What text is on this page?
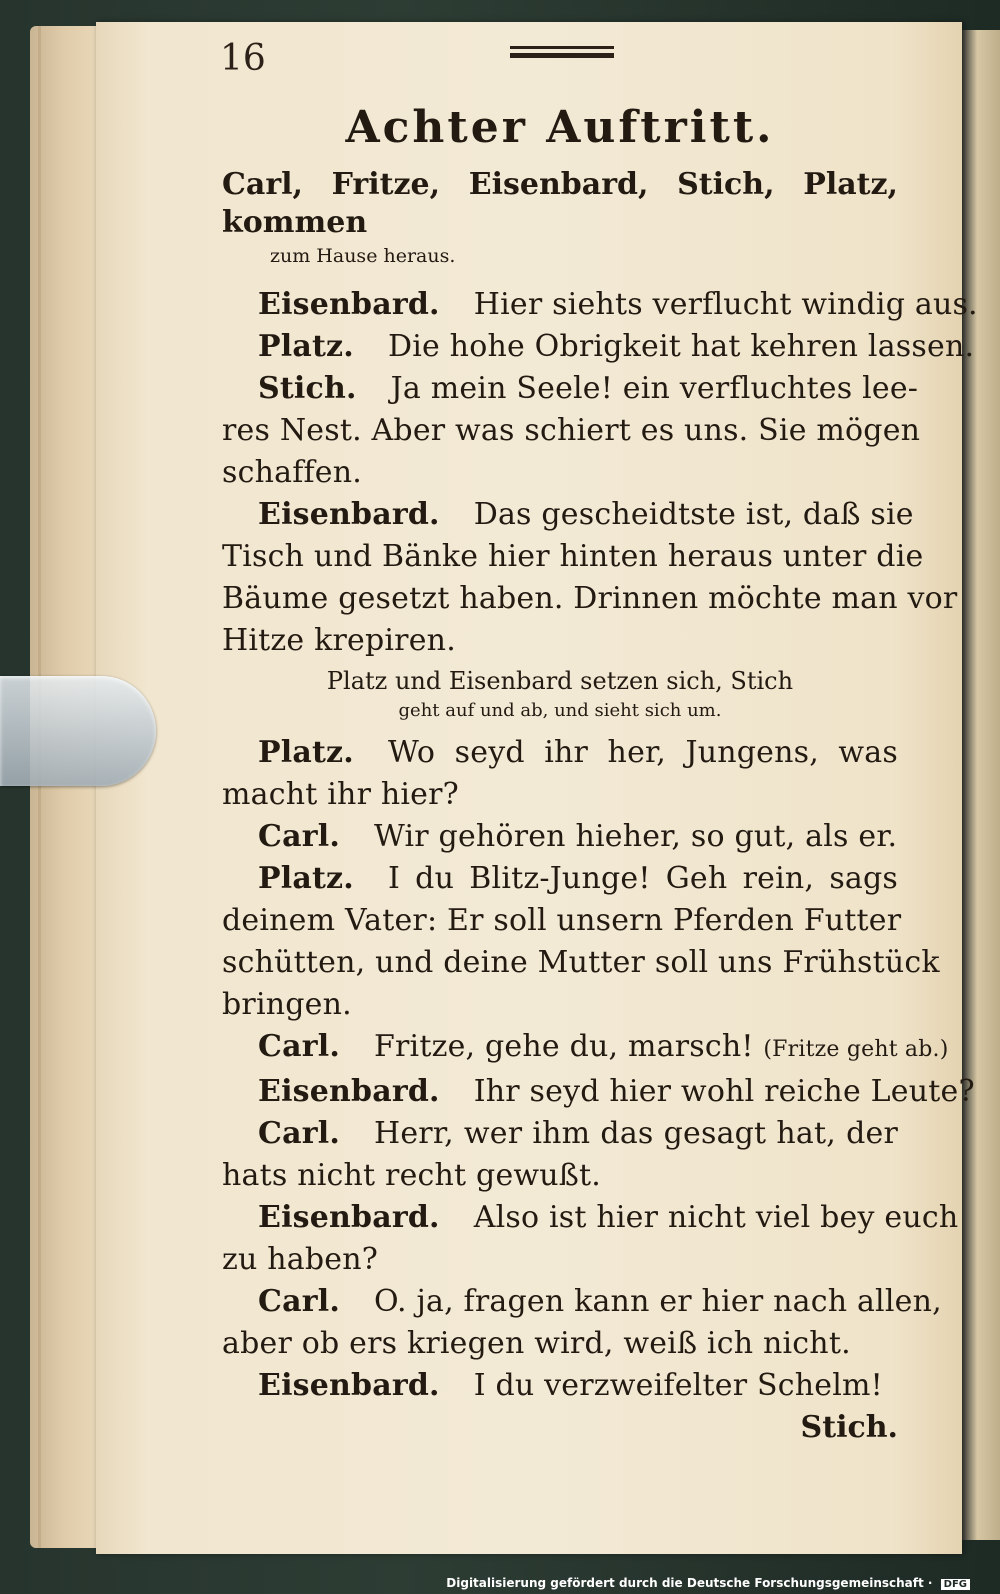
16
Achter Auftritt.

Carl, Fritze, Eisenbard, Stich, Platz, kommen

zum Hause heraus.

Eisenbard. Hier siehts verflucht windig aus.

Platz. Die hohe Obrigkeit hat kehren lassen.

Stich. Ja mein Seele! ein verfluchtes lee-
res Nest. Aber was schiert es uns. Sie mögen
schaffen.

Eisenbard. Das gescheidtste ist, daß sie
Tisch und Bänke hier hinten heraus unter die
Bäume gesetzt haben. Drinnen möchte man vor
Hitze krepiren.

Platz und Eisenbard setzen sich, Stich
geht auf und ab, und sieht sich um.

Platz. Wo seyd ihr her, Jungens, was
macht ihr hier?

Carl. Wir gehören hieher, so gut, als er.

Platz. I du Blitz-Junge! Geh rein, sags
deinem Vater: Er soll unsern Pferden Futter
schütten, und deine Mutter soll uns Frühstück
bringen.

Carl. Fritze, gehe du, marsch! (Fritze geht ab.)

Eisenbard. Ihr seyd hier wohl reiche Leute?

Carl. Herr, wer ihm das gesagt hat, der
hats nicht recht gewußt.

Eisenbard. Also ist hier nicht viel bey euch
zu haben?

Carl. O. ja, fragen kann er hier nach allen,
aber ob ers kriegen wird, weiß ich nicht.

Eisenbard. I du verzweifelter Schelm!

Stich.

Digitalisierung gefördert durch die Deutsche Forschungsgemeinschaft · DFG
